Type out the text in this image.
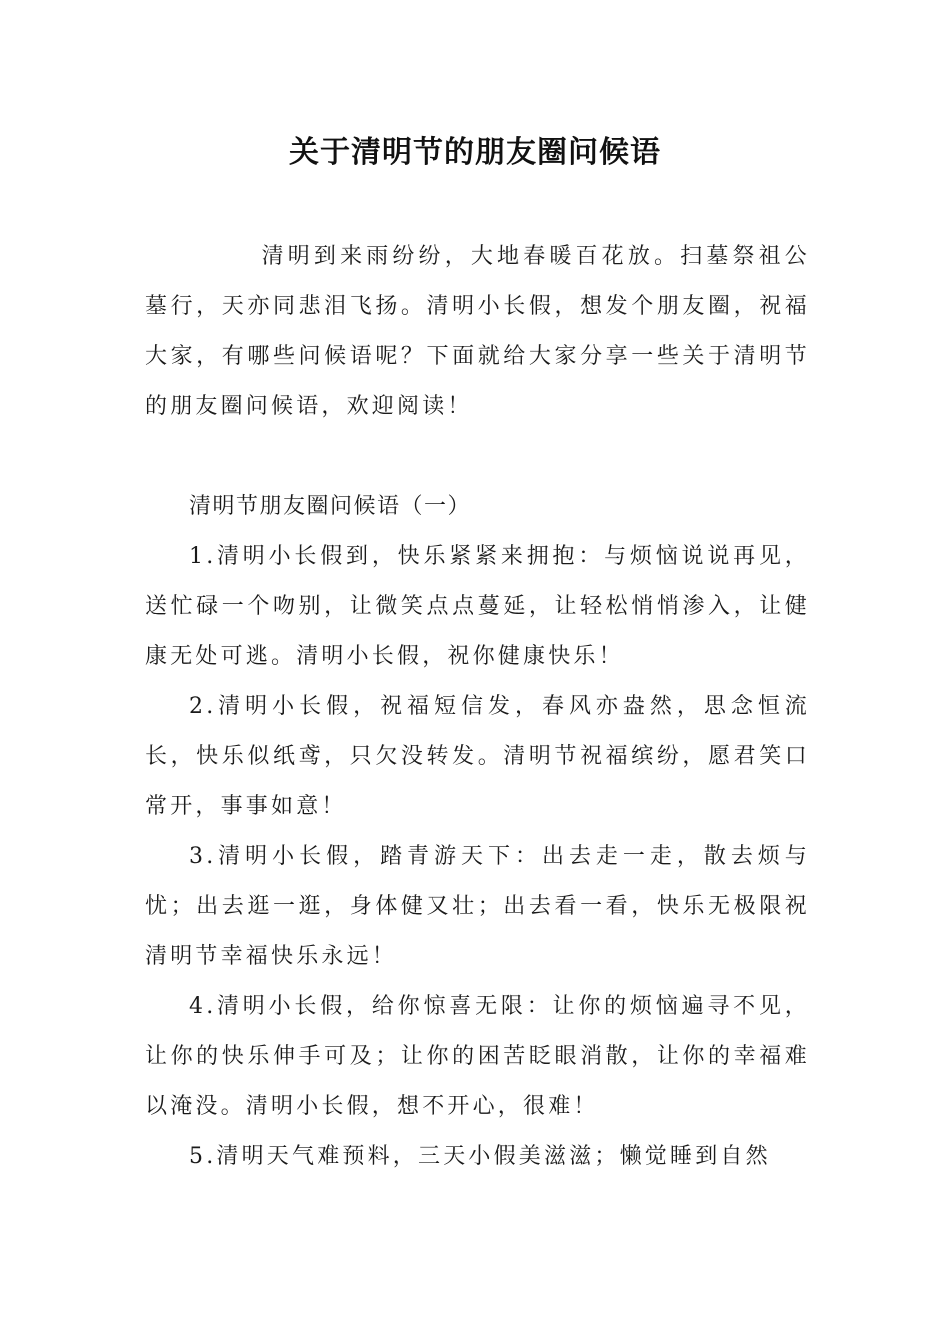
关于清明节的朋友圈问候语

清明到来雨纷纷，大地春暖百花放。扫墓祭祖公墓行，天亦同悲泪飞扬。清明小长假，想发个朋友圈，祝福大家，有哪些问候语呢？下面就给大家分享一些关于清明节的朋友圈问候语，欢迎阅读！

清明节朋友圈问候语（一）

1.清明小长假到，快乐紧紧来拥抱：与烦恼说说再见，送忙碌一个吻别，让微笑点点蔓延，让轻松悄悄渗入，让健康无处可逃。清明小长假，祝你健康快乐！

2.清明小长假，祝福短信发，春风亦盎然，思念恒流长，快乐似纸鸢，只欠没转发。清明节祝福缤纷，愿君笑口常开，事事如意！

3.清明小长假，踏青游天下：出去走一走，散去烦与忧；出去逛一逛，身体健又壮；出去看一看，快乐无极限祝清明节幸福快乐永远！

4.清明小长假，给你惊喜无限：让你的烦恼遍寻不见，让你的快乐伸手可及；让你的困苦眨眼消散，让你的幸福难以淹没。清明小长假，想不开心，很难！

5.清明天气难预料，三天小假美滋滋；懒觉睡到自然
